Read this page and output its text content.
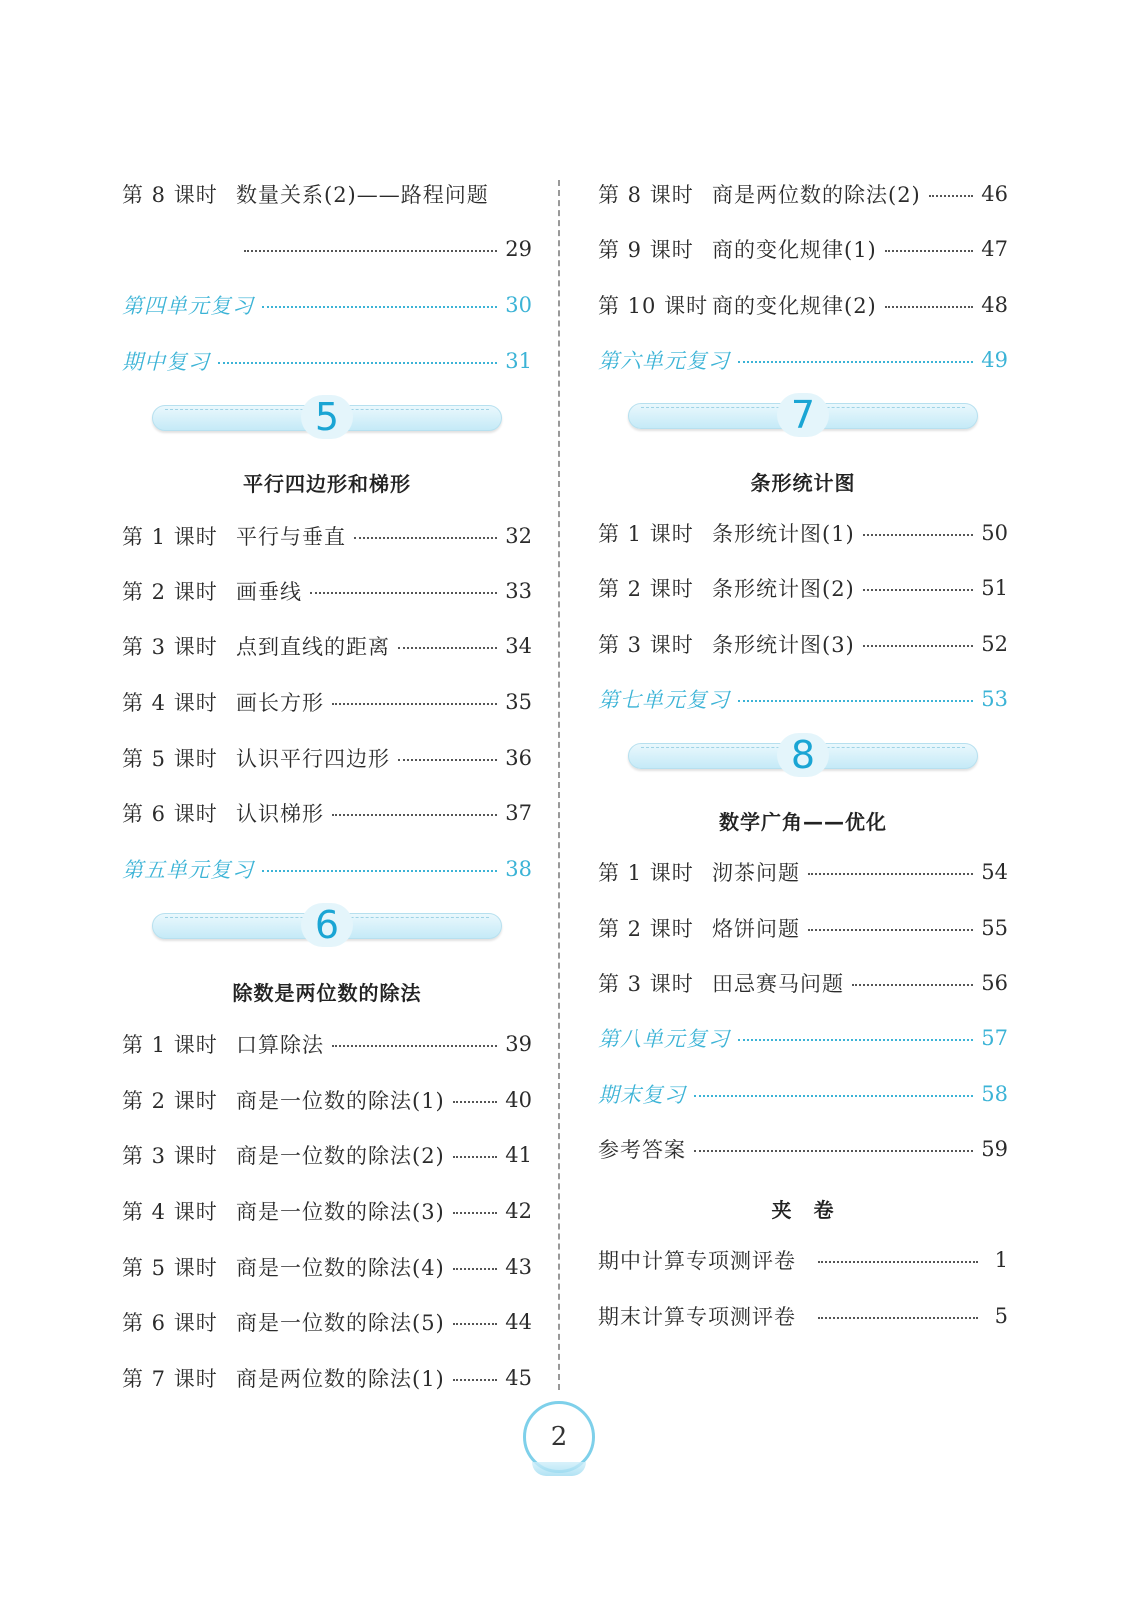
第 8 课时 数量关系(2)——路程问题
29
第四单元复习	30
期中复习	31
5
平行四边形和梯形
第 1 课时 平行与垂直	32
第 2 课时 画垂线	33
第 3 课时 点到直线的距离	34
第 4 课时 画长方形	35
第 5 课时 认识平行四边形	36
第 6 课时 认识梯形	37
第五单元复习	38
6
除数是两位数的除法
第 1 课时 口算除法	39
第 2 课时 商是一位数的除法(1)	40
第 3 课时 商是一位数的除法(2)	41
第 4 课时 商是一位数的除法(3)	42
第 5 课时 商是一位数的除法(4)	43
第 6 课时 商是一位数的除法(5)	44
第 7 课时 商是两位数的除法(1)	45
第 8 课时 商是两位数的除法(2)	46
第 9 课时 商的变化规律(1)	47
第 10 课时 商的变化规律(2)	48
第六单元复习	49
7
条形统计图
第 1 课时 条形统计图(1)	50
第 2 课时 条形统计图(2)	51
第 3 课时 条形统计图(3)	52
第七单元复习	53
8
数学广角——优化
第 1 课时 沏茶问题	54
第 2 课时 烙饼问题	55
第 3 课时 田忌赛马问题	56
第八单元复习	57
期末复习	58
参考答案	59
夹　卷
期中计算专项测评卷	1
期末计算专项测评卷	5
2
